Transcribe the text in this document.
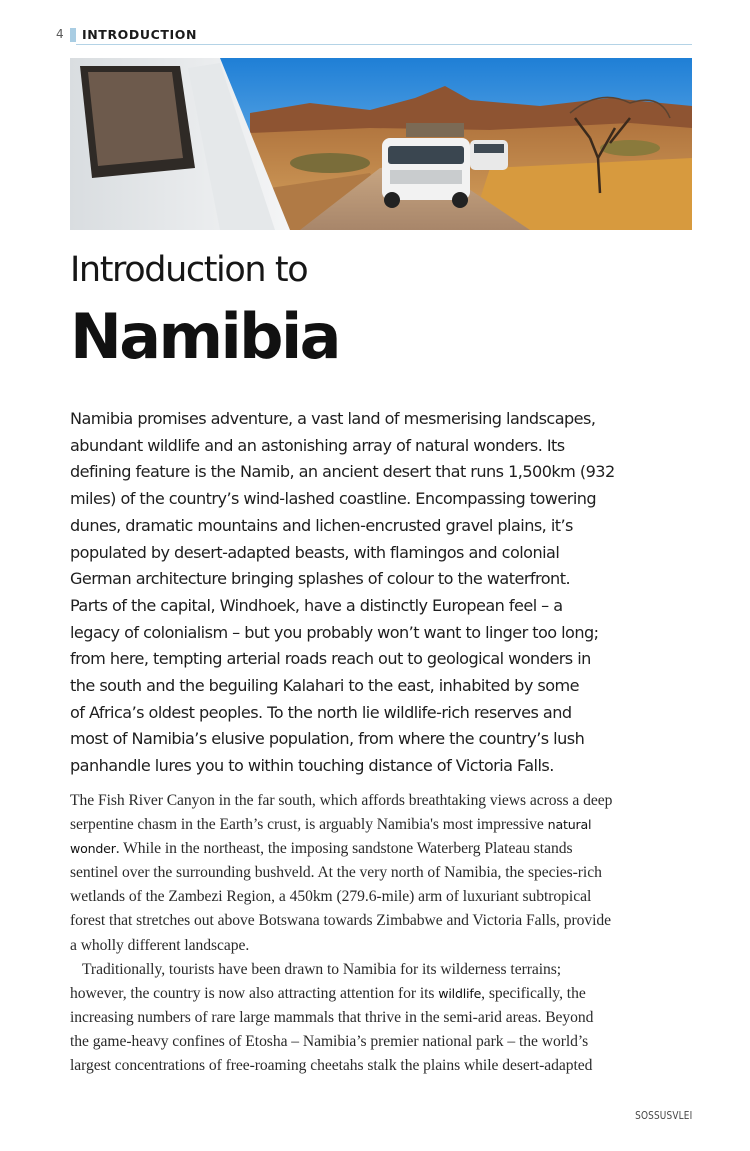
4 INTRODUCTION
Introduction to
Namibia
Namibia promises adventure, a vast land of mesmerising landscapes,
abundant wildlife and an astonishing array of natural wonders. Its
defining feature is the Namib, an ancient desert that runs 1,500km (932
miles) of the country’s wind-lashed coastline. Encompassing towering
dunes, dramatic mountains and lichen-encrusted gravel plains, it’s
populated by desert-adapted beasts, with flamingos and colonial
German architecture bringing splashes of colour to the waterfront.
Parts of the capital, Windhoek, have a distinctly European feel – a
legacy of colonialism – but you probably won’t want to linger too long;
from here, tempting arterial roads reach out to geological wonders in
the south and the beguiling Kalahari to the east, inhabited by some
of Africa’s oldest peoples. To the north lie wildlife-rich reserves and
most of Namibia’s elusive population, from where the country’s lush
panhandle lures you to within touching distance of Victoria Falls.
The Fish River Canyon in the far south, which affords breathtaking views across a deep
serpentine chasm in the Earth’s crust, is arguably Namibia's most impressive natural
wonder. While in the northeast, the imposing sandstone Waterberg Plateau stands
sentinel over the surrounding bushveld. At the very north of Namibia, the species-rich
wetlands of the Zambezi Region, a 450km (279.6-mile) arm of luxuriant subtropical
forest that stretches out above Botswana towards Zimbabwe and Victoria Falls, provide
a wholly different landscape.
Traditionally, tourists have been drawn to Namibia for its wilderness terrains;
however, the country is now also attracting attention for its wildlife, specifically, the
increasing numbers of rare large mammals that thrive in the semi-arid areas. Beyond
the game-heavy confines of Etosha – Namibia’s premier national park – the world’s
largest concentrations of free-roaming cheetahs stalk the plains while desert-adapted
SOSSUSVLEI
